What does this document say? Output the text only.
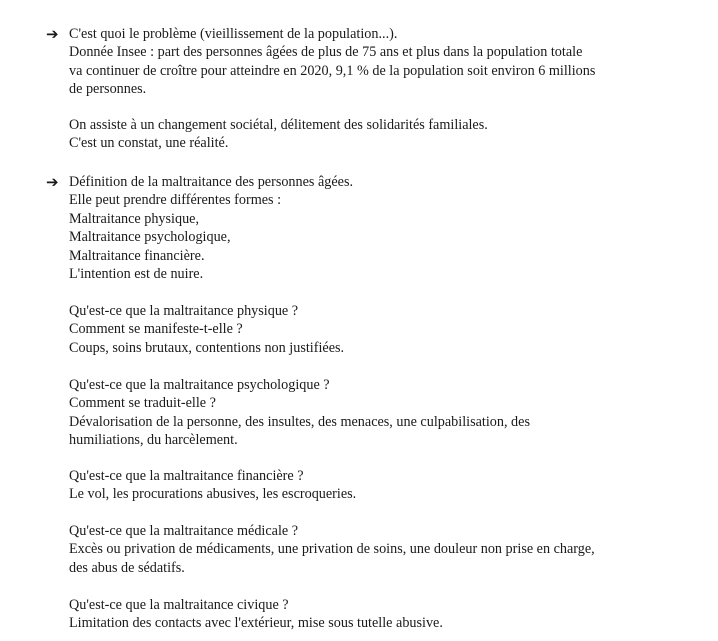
➔ C'est quoi le problème (vieillissement de la population...).
Donnée Insee : part des personnes âgées de plus de 75 ans et plus dans la population totale
va continuer de croître pour atteindre en 2020, 9,1 % de la population soit environ 6 millions
de personnes.
On assiste à un changement sociétal, délitement des solidarités familiales.
C'est un constat, une réalité.
➔ Définition de la maltraitance des personnes âgées.
Elle peut prendre différentes formes :
Maltraitance physique,
Maltraitance psychologique,
Maltraitance financière.
L'intention est de nuire.
Qu'est-ce que la maltraitance physique ?
Comment se manifeste-t-elle ?
Coups, soins brutaux, contentions non justifiées.
Qu'est-ce que la maltraitance psychologique ?
Comment se traduit-elle ?
Dévalorisation de la personne, des insultes, des menaces, une culpabilisation, des
humiliations, du harcèlement.
Qu'est-ce que la maltraitance financière ?
Le vol, les procurations abusives, les escroqueries.
Qu'est-ce que la maltraitance médicale ?
Excès ou privation de médicaments, une privation de soins, une douleur non prise en charge,
des abus de sédatifs.
Qu'est-ce que la maltraitance civique ?
Limitation des contacts avec l'extérieur, mise sous tutelle abusive.
